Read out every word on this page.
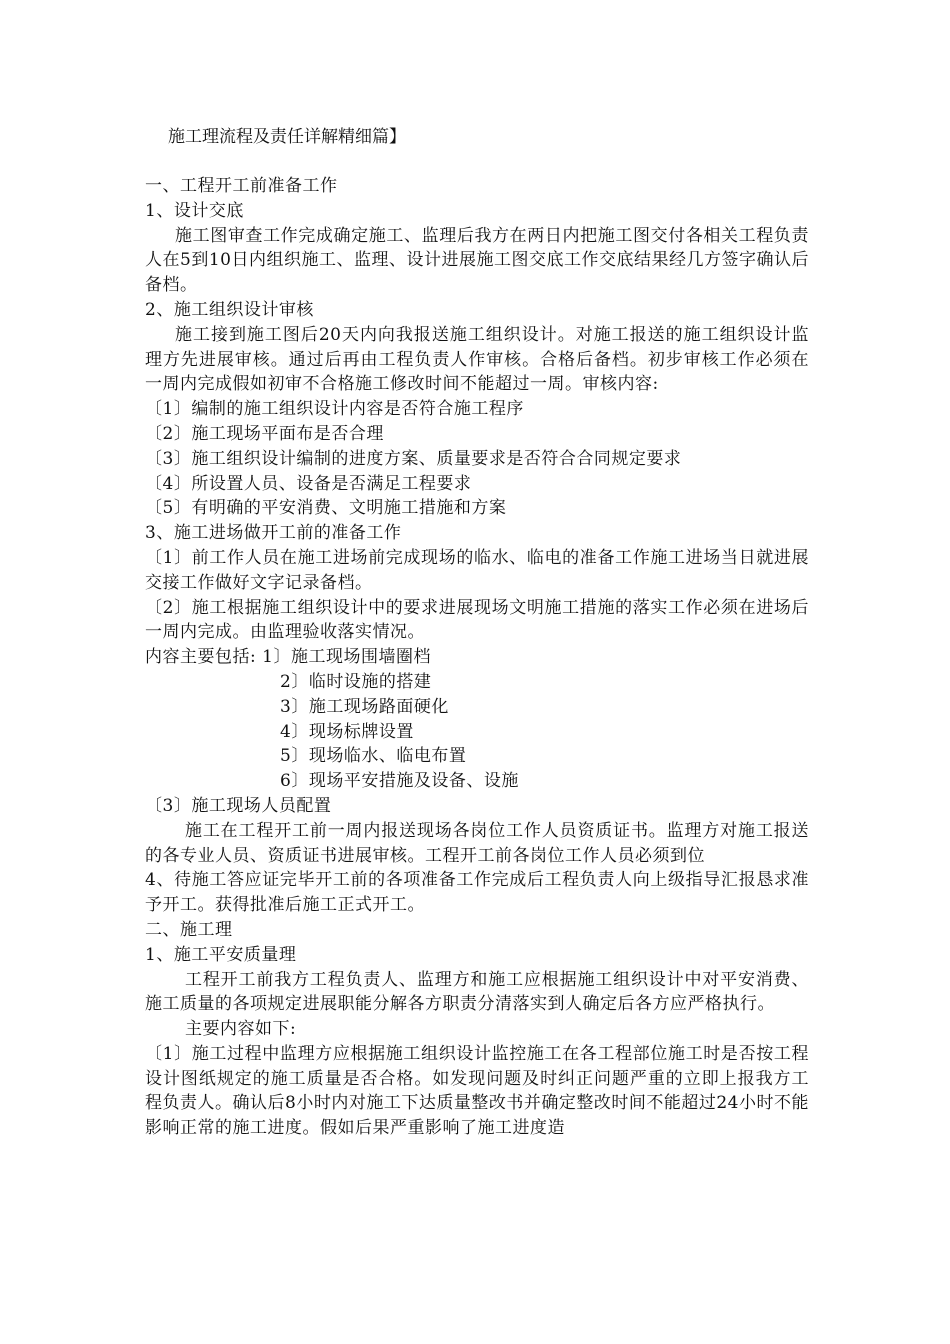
施工理流程及责任详解精细篇】

一、工程开工前准备工作

1、设计交底

施工图审查工作完成确定施工、监理后我方在两日内把施工图交付各相关工程负责人在5到10日内组织施工、监理、设计进展施工图交底工作交底结果经几方签字确认后备档。

2、施工组织设计审核

施工接到施工图后20天内向我报送施工组织设计。对施工报送的施工组织设计监理方先进展审核。通过后再由工程负责人作审核。合格后备档。初步审核工作必须在一周内完成假如初审不合格施工修改时间不能超过一周。审核内容:

〔1〕编制的施工组织设计内容是否符合施工程序

〔2〕施工现场平面布是否合理

〔3〕施工组织设计编制的进度方案、质量要求是否符合合同规定要求

〔4〕所设置人员、设备是否满足工程要求

〔5〕有明确的平安消费、文明施工措施和方案

3、施工进场做开工前的准备工作

〔1〕前工作人员在施工进场前完成现场的临水、临电的准备工作施工进场当日就进展交接工作做好文字记录备档。

〔2〕施工根据施工组织设计中的要求进展现场文明施工措施的落实工作必须在进场后一周内完成。由监理验收落实情况。

内容主要包括: 1〕施工现场围墙圈档

2〕临时设施的搭建

3〕施工现场路面硬化

4〕现场标牌设置

5〕现场临水、临电布置

6〕现场平安措施及设备、设施

〔3〕施工现场人员配置

施工在工程开工前一周内报送现场各岗位工作人员资质证书。监理方对施工报送的各专业人员、资质证书进展审核。工程开工前各岗位工作人员必须到位

4、待施工答应证完毕开工前的各项准备工作完成后工程负责人向上级指导汇报恳求准予开工。获得批准后施工正式开工。

二、施工理

1、施工平安质量理

工程开工前我方工程负责人、监理方和施工应根据施工组织设计中对平安消费、施工质量的各项规定进展职能分解各方职责分清落实到人确定后各方应严格执行。

主要内容如下:

〔1〕施工过程中监理方应根据施工组织设计监控施工在各工程部位施工时是否按工程设计图纸规定的施工质量是否合格。如发现问题及时纠正问题严重的立即上报我方工程负责人。确认后8小时内对施工下达质量整改书并确定整改时间不能超过24小时不能影响正常的施工进度。假如后果严重影响了施工进度造
